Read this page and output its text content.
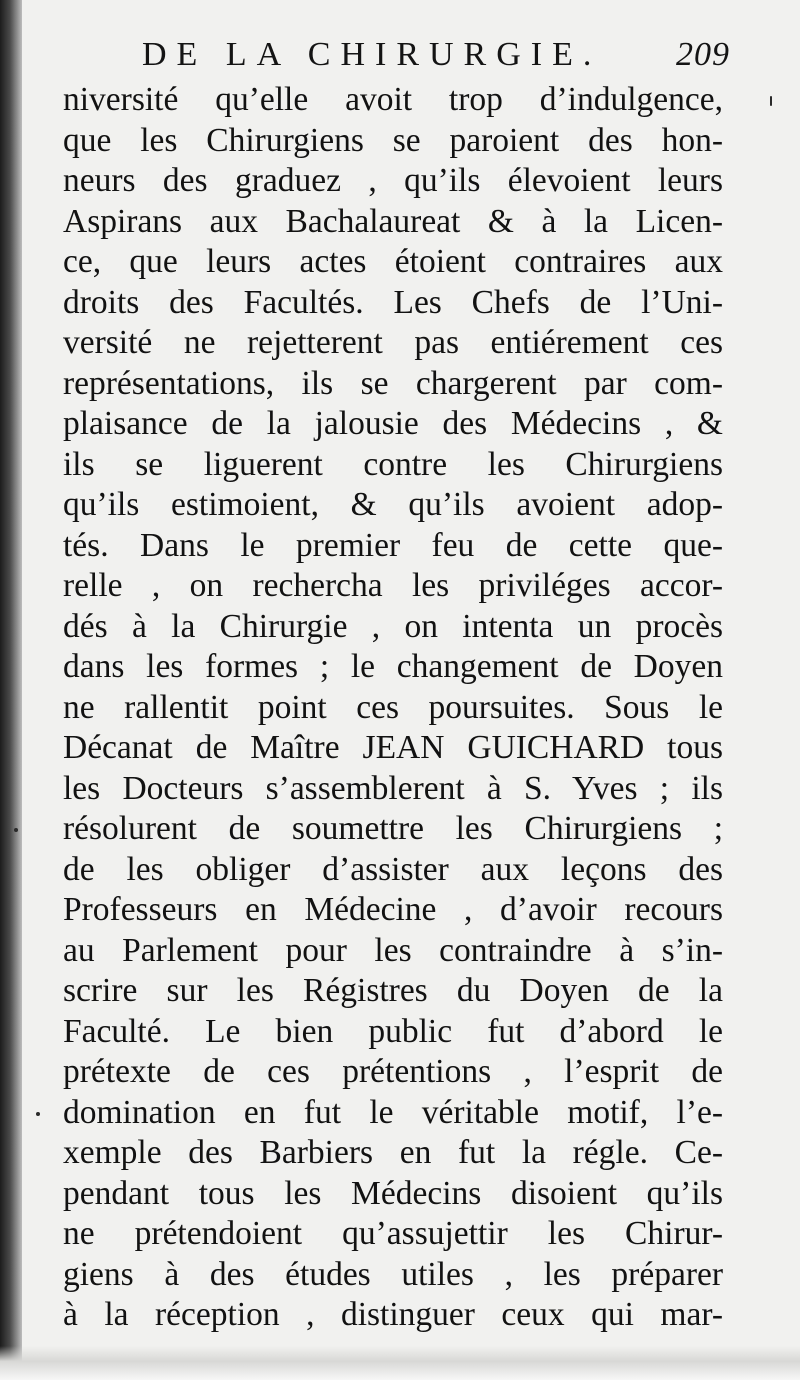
DE LA CHIRURGIE. 209
niversité qu’elle avoit trop d’indulgence,
que les Chirurgiens se paroient des hon-
neurs des graduez , qu’ils élevoient leurs
Aspirans aux Bachalaureat & à la Licen-
ce, que leurs actes étoient contraires aux
droits des Facultés. Les Chefs de l’Uni-
versité ne rejetterent pas entiérement ces
représentations, ils se chargerent par com-
plaisance de la jalousie des Médecins , &
ils se liguerent contre les Chirurgiens
qu’ils estimoient, & qu’ils avoient adop-
tés. Dans le premier feu de cette que-
relle , on rechercha les priviléges accor-
dés à la Chirurgie , on intenta un procès
dans les formes ; le changement de Doyen
ne rallentit point ces poursuites. Sous le
Décanat de Maître JEAN GUICHARD tous
les Docteurs s’assemblerent à S. Yves ; ils
résolurent de soumettre les Chirurgiens ;
de les obliger d’assister aux leçons des
Professeurs en Médecine , d’avoir recours
au Parlement pour les contraindre à s’in-
scrire sur les Régistres du Doyen de la
Faculté. Le bien public fut d’abord le
prétexte de ces prétentions , l’esprit de
domination en fut le véritable motif, l’e-
xemple des Barbiers en fut la régle. Ce-
pendant tous les Médecins disoient qu’ils
ne prétendoient qu’assujettir les Chirur-
giens à des études utiles , les préparer
à la réception , distinguer ceux qui mar-
